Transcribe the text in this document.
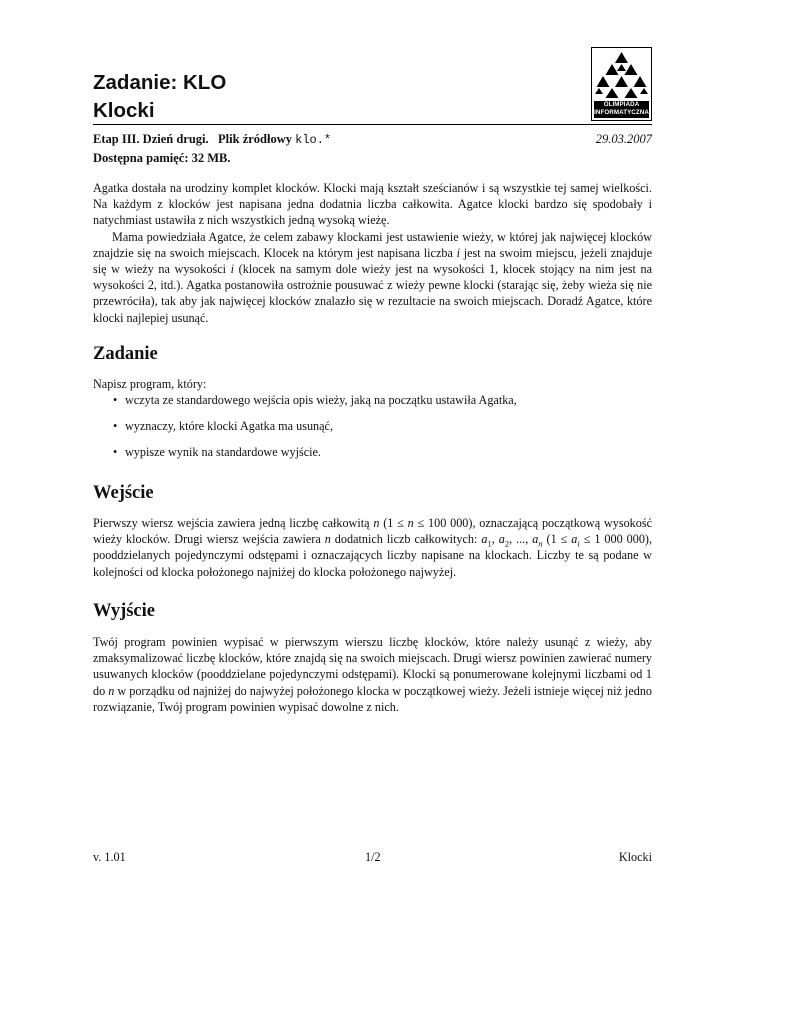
Zadanie: KLO
Klocki	OLIMPIADA
INFORMATYCZNA
Etap III. Dzień drugi. Plik źródłowy klo.*	29.03.2007
Dostępna pamięć: 32 MB.

Agatka dostała na urodziny komplet klocków. Klocki mają kształt sześcianów i są wszystkie tej samej wielkości. Na każdym z klocków jest napisana jedna dodatnia liczba całkowita. Agatce klocki bardzo się spodobały i natychmiast ustawiła z nich wszystkich jedną wysoką wieżę.

Mama powiedziała Agatce, że celem zabawy klockami jest ustawienie wieży, w której jak najwięcej klocków znajdzie się na swoich miejscach. Klocek na którym jest napisana liczba i jest na swoim miejscu, jeżeli znajduje się w wieży na wysokości i (klocek na samym dole wieży jest na wysokości 1, klocek stojący na nim jest na wysokości 2, itd.). Agatka postanowiła ostrożnie pousuwać z wieży pewne klocki (starając się, żeby wieża się nie przewróciła), tak aby jak najwięcej klocków znalazło się w rezultacie na swoich miejscach. Doradź Agatce, które klocki najlepiej usunąć.

Zadanie
Napisz program, który:
• wczyta ze standardowego wejścia opis wieży, jaką na początku ustawiła Agatka,
• wyznaczy, które klocki Agatka ma usunąć,
• wypisze wynik na standardowe wyjście.
Wejście

Pierwszy wiersz wejścia zawiera jedną liczbę całkowitą n (1 ≤ n ≤ 100 000), oznaczającą początkową wysokość wieży klocków. Drugi wiersz wejścia zawiera n dodatnich liczb całkowitych: $a_1$, $a_2$, ..., $a_n$ ($1 \le a_i \le 1$ 000 000), pooddzielanych pojedynczymi odstępami i oznaczających liczby napisane na klockach. Liczby te są podane w kolejności od klocka położonego najniżej do klocka położonego najwyżej.

Wyjście

Twój program powinien wypisać w pierwszym wierszu liczbę klocków, które należy usunąć z wieży, aby zmaksymalizować liczbę klocków, które znajdą się na swoich miejscach. Drugi wiersz powinien zawierać numery usuwanych klocków (pooddzielane pojedynczymi odstępami). Klocki są ponumerowane kolejnymi liczbami od 1 do n w porządku od najniżej do najwyżej położonego klocka w początkowej wieży. Jeżeli istnieje więcej niż jedno rozwiązanie, Twój program powinien wypisać dowolne z nich.

v. 1.01	1/2	Klocki
